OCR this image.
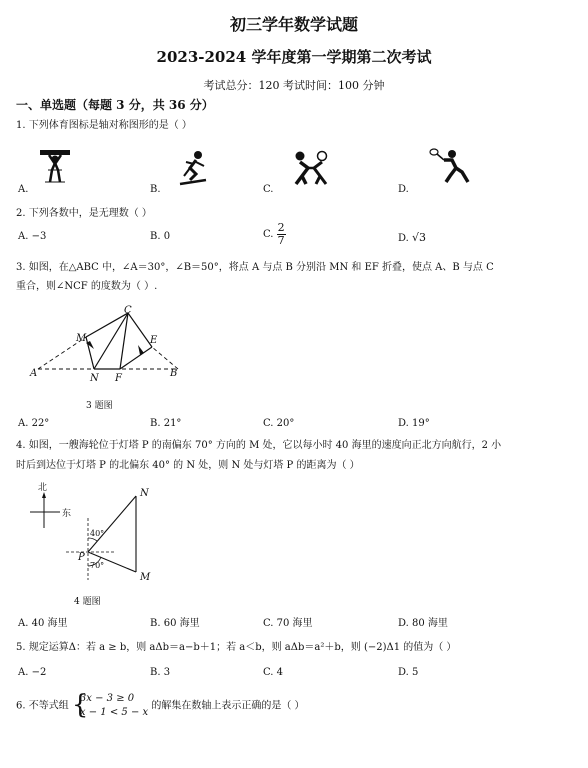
初三学年数学试题
2023-2024 学年度第一学期第二次考试
考试总分：120 考试时间：100 分钟
一、单选题（每题 3 分，共 36 分）
1. 下列体育图标是轴对称图形的是（ ）
A.	B.	C.	D.
2. 下列各数中，是无理数（ ）
A. −3	B. 0	C. $\frac{2}{7}$	D. √3
3. 如图，在△ABC 中，∠A＝30°，∠B＝50°，将点 A 与点 B 分别沿 MN 和 EF 折叠，使点 A、B 与点 C
重合，则∠NCF 的度数为（ ）.
C
M	E
A	N F	B
3 题图
A. 22°	B. 21°	C. 20°	D. 19°
4. 如图，一艘海轮位于灯塔 P 的南偏东 70° 方向的 M 处，它以每小时 40 海里的速度向正北方向航行，2 小
时后到达位于灯塔 P 的北偏东 40° 的 N 处，则 N 处与灯塔 P 的距离为（ ）
北
东
N
P
M
40°
70°
4 题图
A. 40 海里	B. 60 海里	C. 70 海里	D. 80 海里
5. 规定运算Δ：若 a ≥ b，则 aΔb＝a−b＋1；若 a＜b，则 aΔb＝a²＋b，则 (−2)Δ1 的值为（ ）
A. −2	B. 3	C. 4	D. 5
6. 不等式组 {
3x − 3 ≥ 0
x − 1 < 5 − x
的解集在数轴上表示正确的是（ ）
